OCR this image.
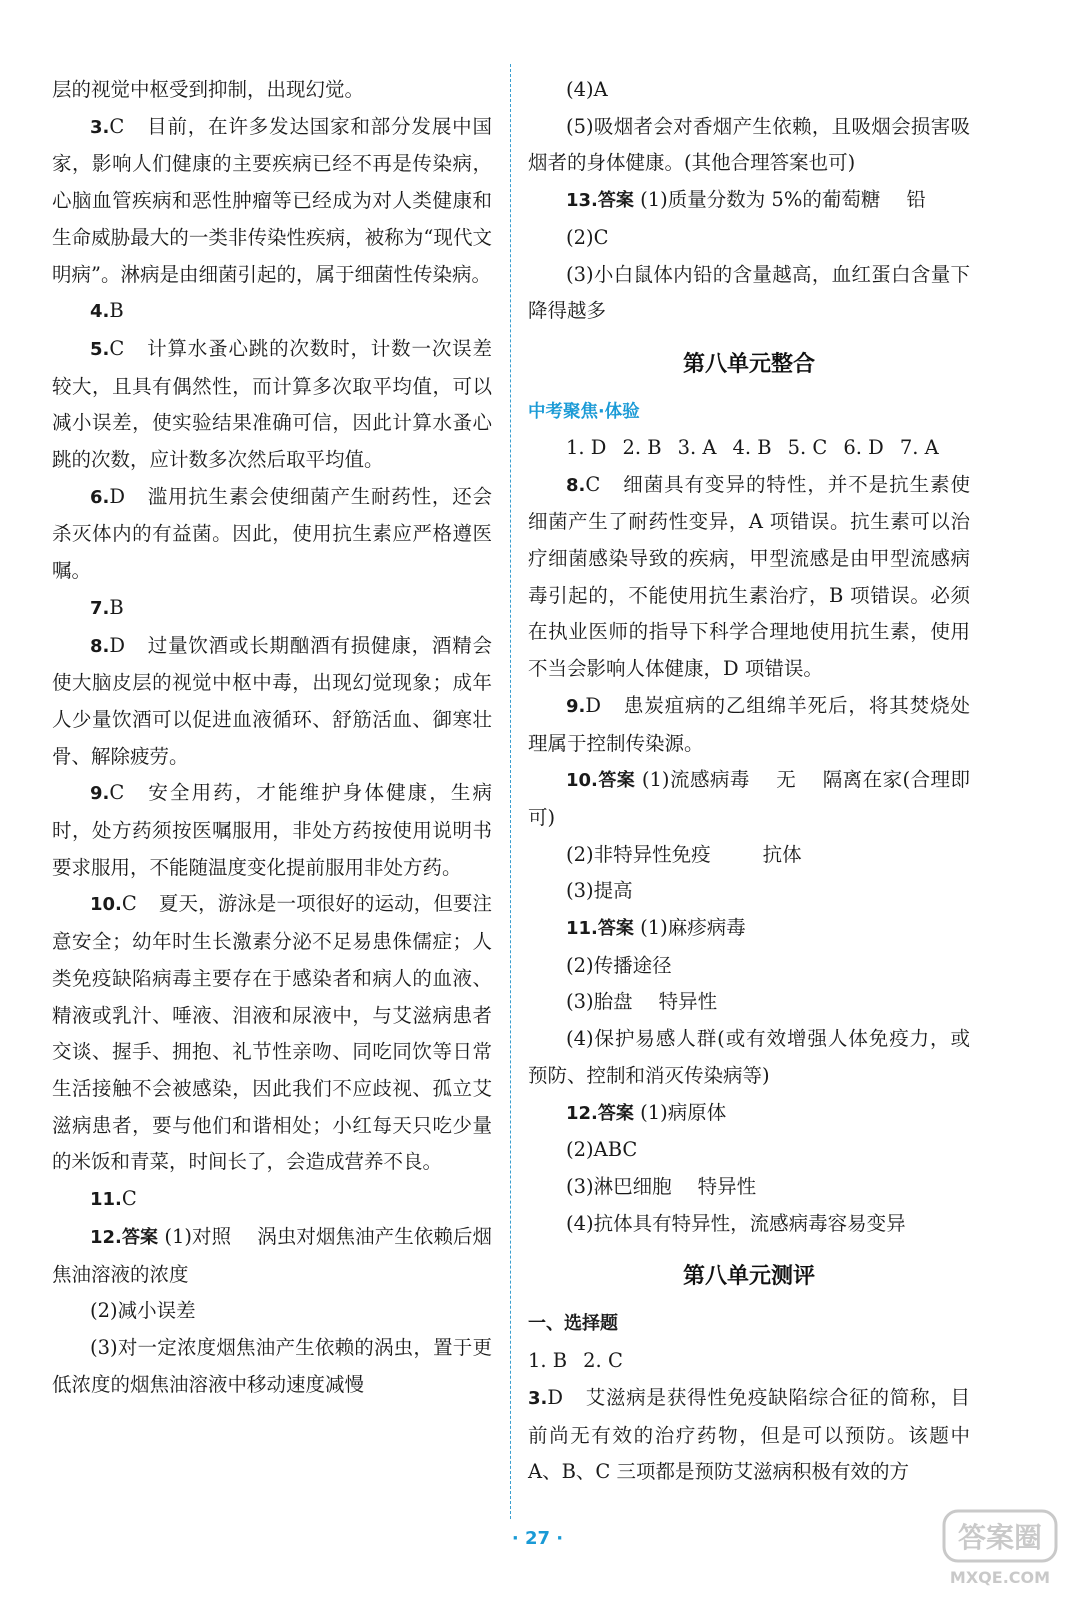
层的视觉中枢受到抑制，出现幻觉。

3.C 目前，在许多发达国家和部分发展中国家，影响人们健康的主要疾病已经不再是传染病，心脑血管疾病和恶性肿瘤等已经成为对人类健康和生命威胁最大的一类非传染性疾病，被称为“现代文明病”。淋病是由细菌引起的，属于细菌性传染病。

4.B

5.C 计算水蚤心跳的次数时，计数一次误差较大，且具有偶然性，而计算多次取平均值，可以减小误差，使实验结果准确可信，因此计算水蚤心跳的次数，应计数多次然后取平均值。

6.D 滥用抗生素会使细菌产生耐药性，还会杀灭体内的有益菌。因此，使用抗生素应严格遵医嘱。

7.B

8.D 过量饮酒或长期酗酒有损健康，酒精会使大脑皮层的视觉中枢中毒，出现幻觉现象；成年人少量饮酒可以促进血液循环、舒筋活血、御寒壮骨、解除疲劳。

9.C 安全用药，才能维护身体健康，生病时，处方药须按医嘱服用，非处方药按使用说明书要求服用，不能随温度变化提前服用非处方药。

10.C 夏天，游泳是一项很好的运动，但要注意安全；幼年时生长激素分泌不足易患侏儒症；人类免疫缺陷病毒主要存在于感染者和病人的血液、精液或乳汁、唾液、泪液和尿液中，与艾滋病患者交谈、握手、拥抱、礼节性亲吻、同吃同饮等日常生活接触不会被感染，因此我们不应歧视、孤立艾滋病患者，要与他们和谐相处；小红每天只吃少量的米饭和青菜，时间长了，会造成营养不良。

11.C

12.答案 (1)对照 涡虫对烟焦油产生依赖后烟焦油溶液的浓度

(2)减小误差

(3)对一定浓度烟焦油产生依赖的涡虫，置于更低浓度的烟焦油溶液中移动速度减慢

(4)A

(5)吸烟者会对香烟产生依赖，且吸烟会损害吸烟者的身体健康。(其他合理答案也可)

13.答案 (1)质量分数为 5%的葡萄糖 铅

(2)C

(3)小白鼠体内铅的含量越高，血红蛋白含量下降得越多

第八单元整合
中考聚焦·体验

1. D 2. B 3. A 4. B 5. C 6. D 7. A

8.C 细菌具有变异的特性，并不是抗生素使细菌产生了耐药性变异，A 项错误。抗生素可以治疗细菌感染导致的疾病，甲型流感是由甲型流感病毒引起的，不能使用抗生素治疗，B 项错误。必须在执业医师的指导下科学合理地使用抗生素，使用不当会影响人体健康，D 项错误。

9.D 患炭疽病的乙组绵羊死后，将其焚烧处理属于控制传染源。

10.答案 (1)流感病毒 无 隔离在家(合理即可)

(2)非特异性免疫	抗体

(3)提高

11.答案 (1)麻疹病毒

(2)传播途径

(3)胎盘 特异性

(4)保护易感人群(或有效增强人体免疫力，或预防、控制和消灭传染病等)

12.答案 (1)病原体

(2)ABC

(3)淋巴细胞 特异性

(4)抗体具有特异性，流感病毒容易变异

第八单元测评

一、选择题

1. B 2. C

3.D 艾滋病是获得性免疫缺陷综合征的简称，目前尚无有效的治疗药物，但是可以预防。该题中 A、B、C 三项都是预防艾滋病积极有效的方

· 27 ·	答案圈
MXQE.COM
